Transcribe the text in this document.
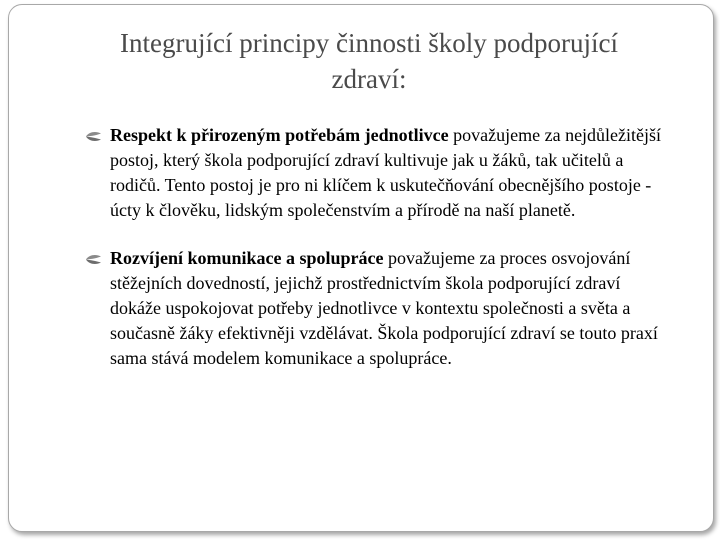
Integrující principy činnosti školy podporující
zdraví:
Respekt k přirozeným potřebám jednotlivce považujeme za nejdůležitější postoj, který škola podporující zdraví kultivuje jak u žáků, tak učitelů a rodičů. Tento postoj je pro ni klíčem k uskutečňování obecnějšího postoje - úcty k člověku, lidským společenstvím a přírodě na naší planetě.
Rozvíjení komunikace a spolupráce považujeme za proces osvojování stěžejních dovedností, jejichž prostřednictvím škola podporující zdraví dokáže uspokojovat potřeby jednotlivce v kontextu společnosti a světa a současně žáky efektivněji vzdělávat. Škola podporující zdraví se touto praxí sama stává modelem komunikace a spolupráce.
